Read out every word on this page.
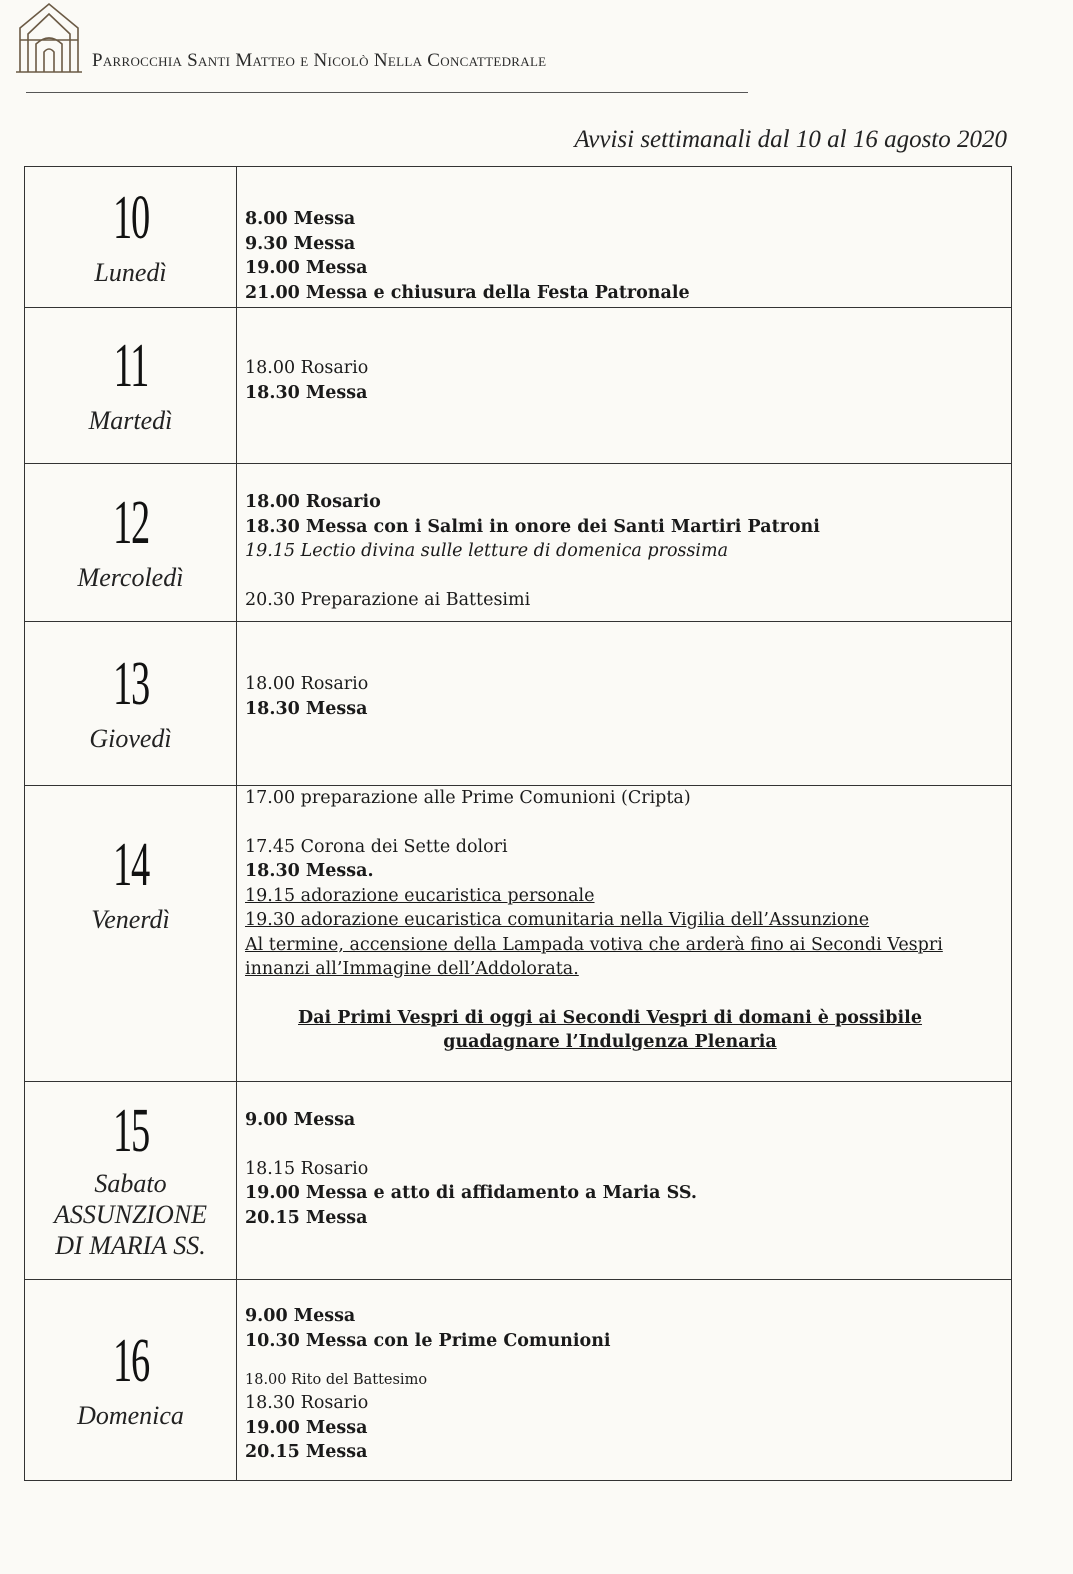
Parrocchia Santi Matteo e Nicolò Nella Concattedrale
Avvisi settimanali dal 10 al 16 agosto 2020
10
Lunedì
8.00 Messa
9.30 Messa
19.00 Messa
21.00 Messa e chiusura della Festa Patronale
11
Martedì
18.00 Rosario
18.30 Messa
12
Mercoledì
18.00 Rosario
18.30 Messa con i Salmi in onore dei Santi Martiri Patroni
19.15 Lectio divina sulle letture di domenica prossima
20.30 Preparazione ai Battesimi
13
Giovedì
18.00 Rosario
18.30 Messa
14
Venerdì
17.00 preparazione alle Prime Comunioni (Cripta)
17.45 Corona dei Sette dolori
18.30 Messa.
19.15 adorazione eucaristica personale
19.30 adorazione eucaristica comunitaria nella Vigilia dell’Assunzione
Al termine, accensione della Lampada votiva che arderà fino ai Secondi Vespri
innanzi all’Immagine dell’Addolorata.
Dai Primi Vespri di oggi ai Secondi Vespri di domani è possibile
guadagnare l’Indulgenza Plenaria
15
Sabato
ASSUNZIONE
DI MARIA SS.
9.00 Messa
18.15 Rosario
19.00 Messa e atto di affidamento a Maria SS.
20.15 Messa
16
Domenica
9.00 Messa
10.30 Messa con le Prime Comunioni
18.00 Rito del Battesimo
18.30 Rosario
19.00 Messa
20.15 Messa
